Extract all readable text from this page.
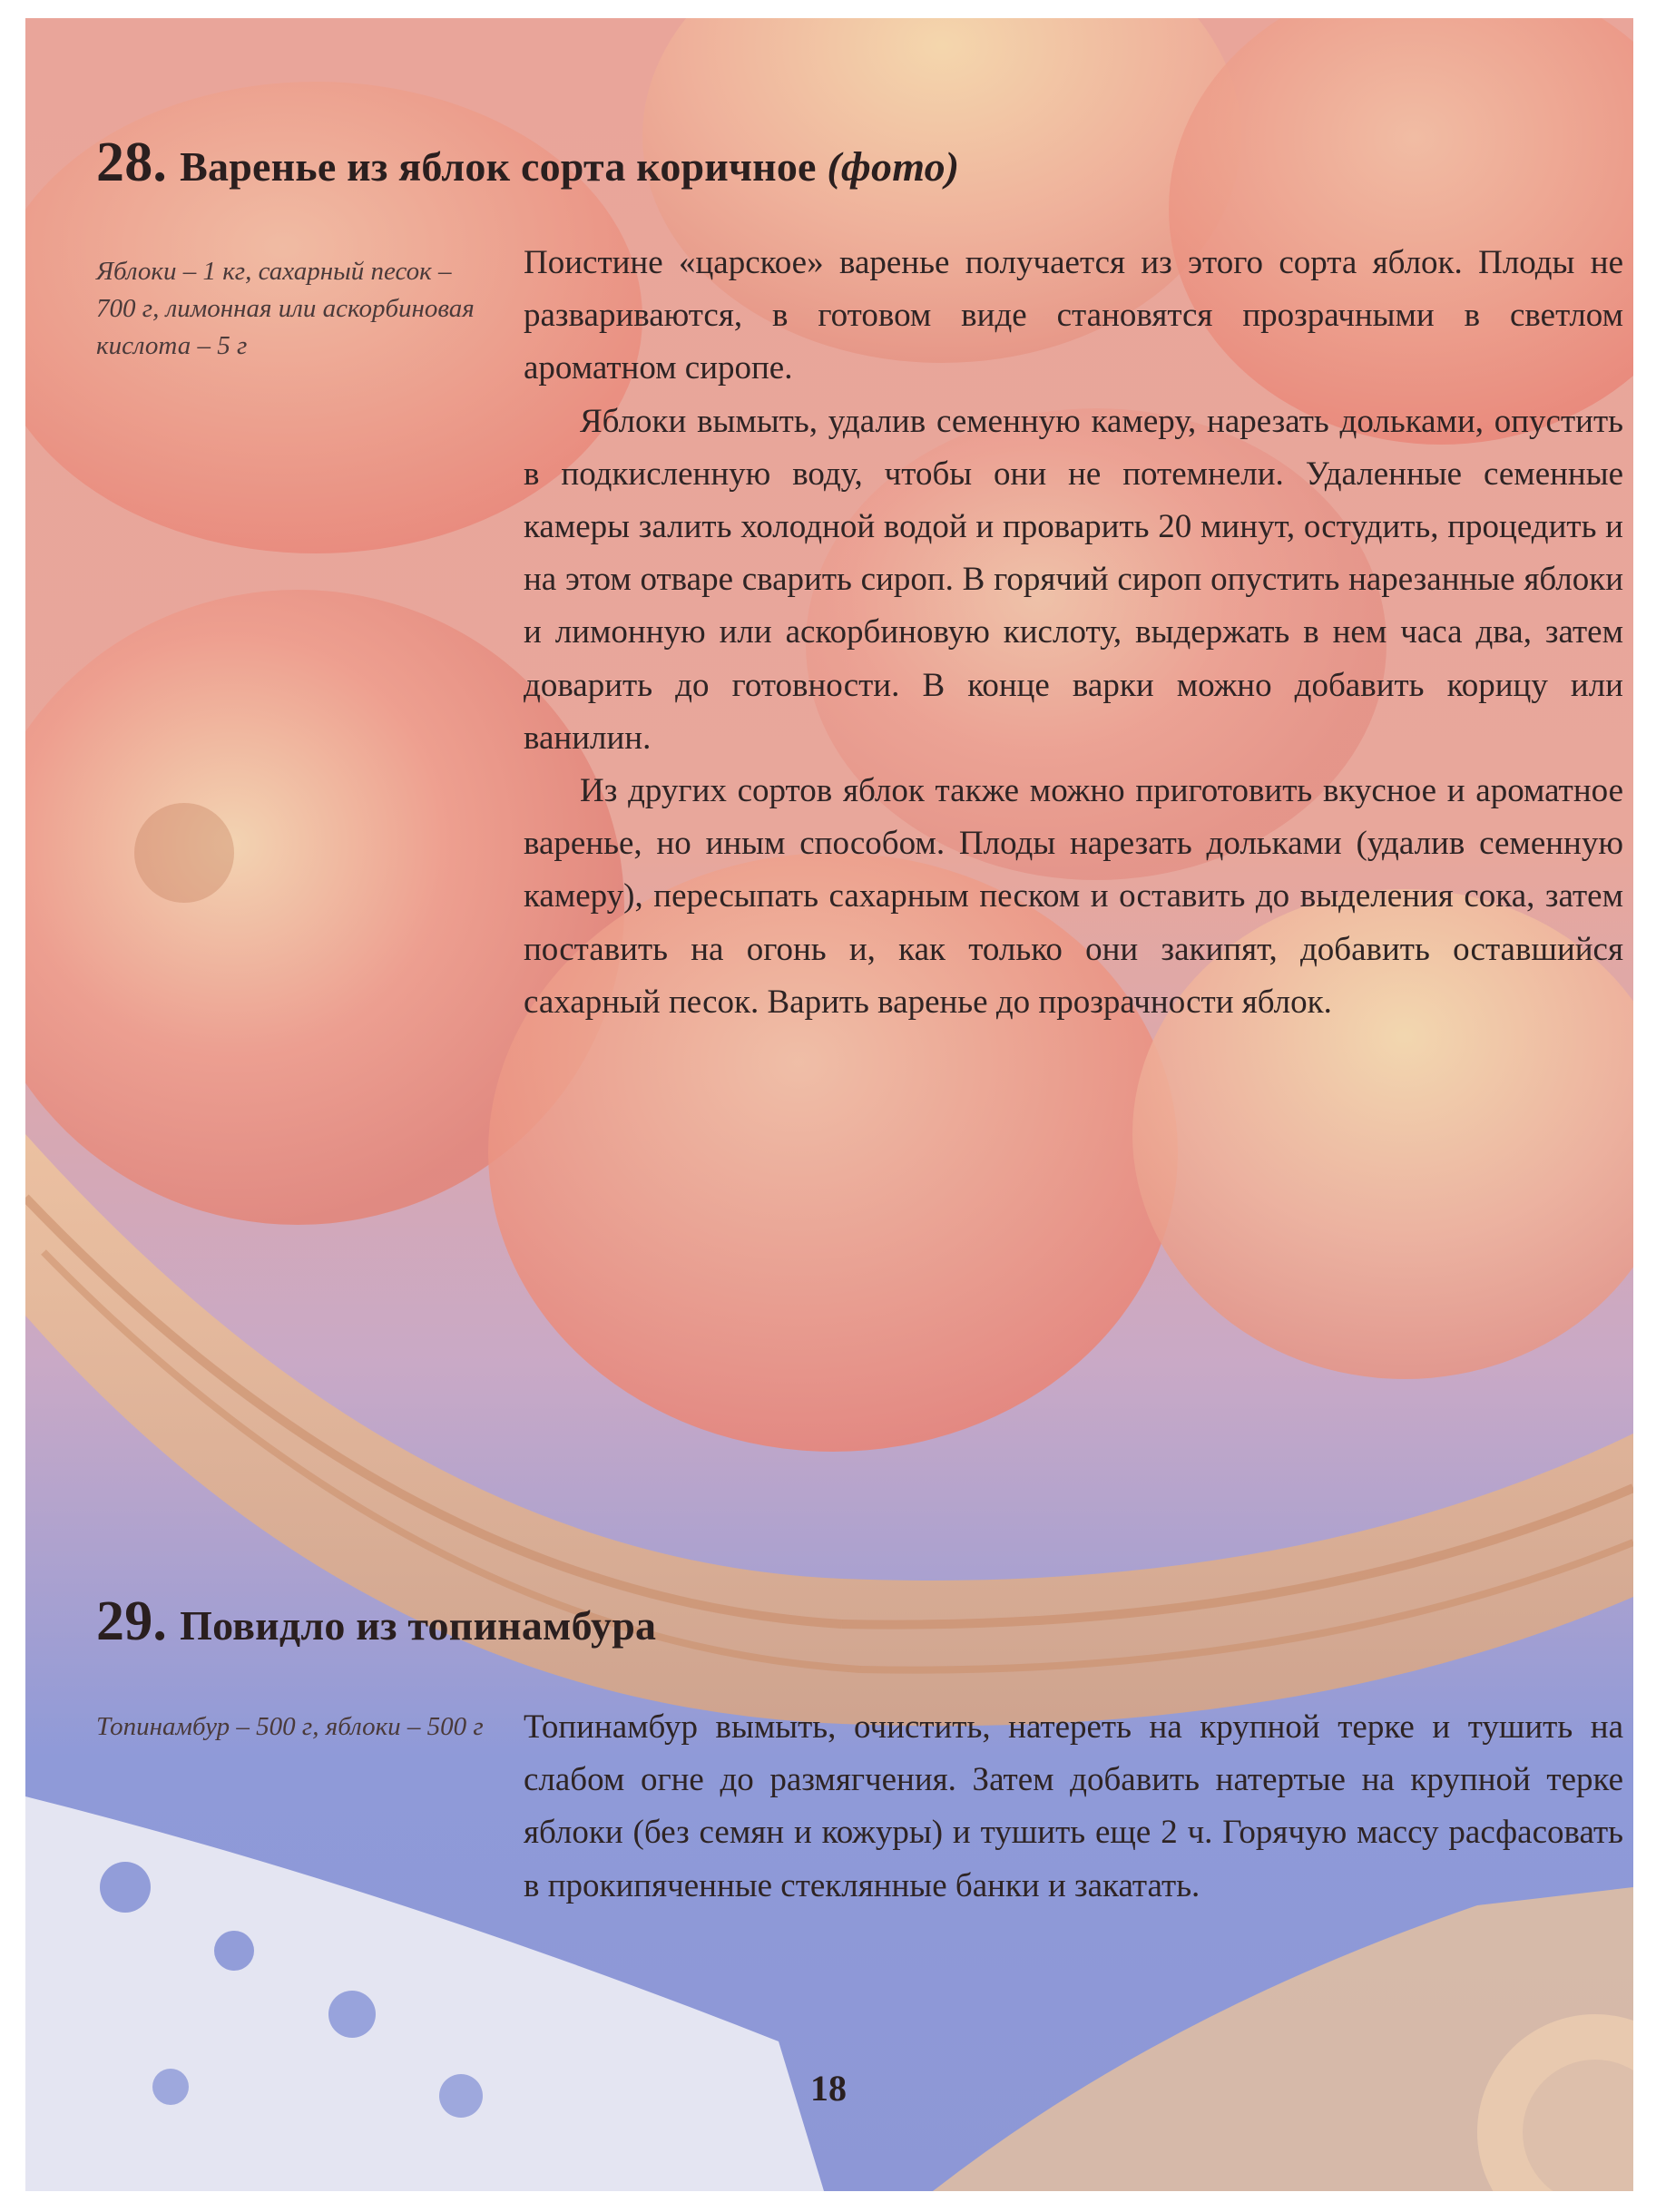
28. Варенье из яблок сорта коричное (фото)
Яблоки – 1 кг, сахарный песок – 700 г, лимонная или аскорбиновая кислота – 5 г

Поистине «царское» варенье получается из этого сорта яблок. Плоды не развариваются, в готовом виде становятся прозрачными в светлом ароматном сиропе.

Яблоки вымыть, удалив семенную камеру, нарезать дольками, опустить в подкисленную воду, чтобы они не потемнели. Удаленные семенные камеры залить холодной водой и проварить 20 минут, остудить, процедить и на этом отваре сварить сироп. В горячий сироп опустить нарезанные яблоки и лимонную или аскорбиновую кислоту, выдержать в нем часа два, затем доварить до готовности. В конце варки можно добавить корицу или ванилин.

Из других сортов яблок также можно приготовить вкусное и ароматное варенье, но иным способом. Плоды нарезать дольками (удалив семенную камеру), пересыпать сахарным песком и оставить до выделения сока, затем поставить на огонь и, как только они закипят, добавить оставшийся сахарный песок. Варить варенье до прозрачности яблок.

29. Повидло из топинамбура
Топинамбур – 500 г, яблоки – 500 г	Топинамбур вымыть, очистить, натереть на крупной терке и тушить на слабом огне до размягчения. Затем добавить натертые на крупной терке яблоки (без семян и кожуры) и тушить еще 2 ч. Горячую массу расфасовать в прокипяченные стеклянные банки и закатать.

18
